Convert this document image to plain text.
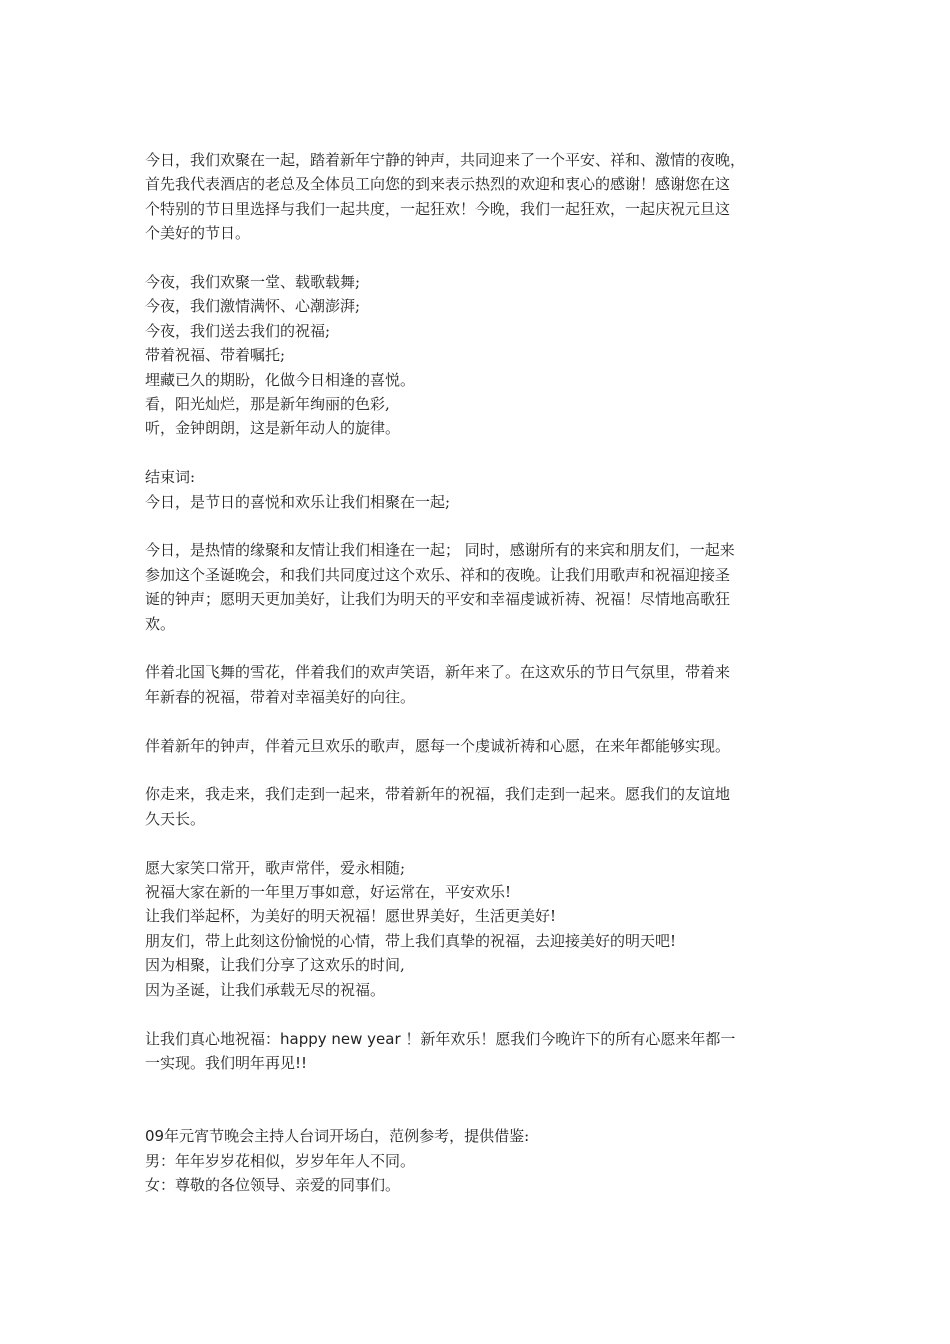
今日，我们欢聚在一起，踏着新年宁静的钟声，共同迎来了一个平安、祥和、激情的夜晚，
首先我代表酒店的老总及全体员工向您的到来表示热烈的欢迎和衷心的感谢！感谢您在这
个特别的节日里选择与我们一起共度，一起狂欢！今晚，我们一起狂欢，一起庆祝元旦这
个美好的节日。
今夜，我们欢聚一堂、载歌载舞;
今夜，我们激情满怀、心潮澎湃;
今夜，我们送去我们的祝福;
带着祝福、带着嘱托;
埋藏已久的期盼，化做今日相逢的喜悦。
看，阳光灿烂，那是新年绚丽的色彩,
听，金钟朗朗，这是新年动人的旋律。
结束词:
今日，是节日的喜悦和欢乐让我们相聚在一起;
今日，是热情的缘聚和友情让我们相逢在一起； 同时，感谢所有的来宾和朋友们，一起来
参加这个圣诞晚会，和我们共同度过这个欢乐、祥和的夜晚。让我们用歌声和祝福迎接圣
诞的钟声；愿明天更加美好，让我们为明天的平安和幸福虔诚祈祷、祝福！尽情地高歌狂
欢。
伴着北国飞舞的雪花，伴着我们的欢声笑语，新年来了。在这欢乐的节日气氛里，带着来
年新春的祝福，带着对幸福美好的向往。
伴着新年的钟声，伴着元旦欢乐的歌声，愿每一个虔诚祈祷和心愿，在来年都能够实现。
你走来，我走来，我们走到一起来，带着新年的祝福，我们走到一起来。愿我们的友谊地
久天长。
愿大家笑口常开，歌声常伴，爱永相随;
祝福大家在新的一年里万事如意，好运常在，平安欢乐!
让我们举起杯，为美好的明天祝福！愿世界美好，生活更美好!
朋友们，带上此刻这份愉悦的心情，带上我们真挚的祝福，去迎接美好的明天吧!
因为相聚，让我们分享了这欢乐的时间,
因为圣诞，让我们承载无尽的祝福。
让我们真心地祝福：happy new year ！新年欢乐！愿我们今晚许下的所有心愿来年都一
一实现。我们明年再见!!
09年元宵节晚会主持人台词开场白，范例参考，提供借鉴:
男：年年岁岁花相似，岁岁年年人不同。
女：尊敬的各位领导、亲爱的同事们。
